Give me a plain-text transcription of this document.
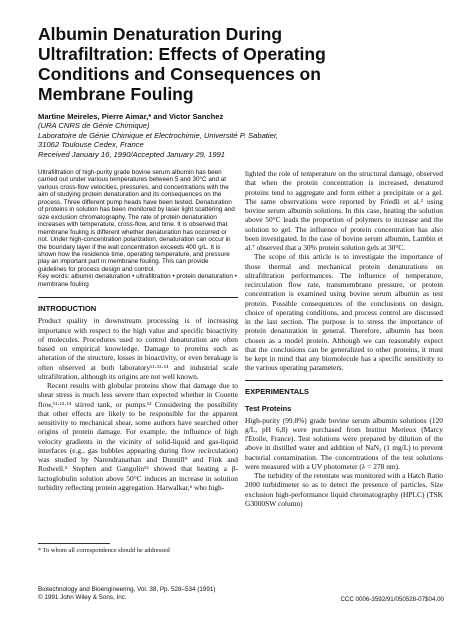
Albumin Denaturation During
Ultrafiltration: Effects of Operating
Conditions and Consequences on
Membrane Fouling
Martine Meireles, Pierre Aimar,* and Victor Sanchez
(URA CNRS de Génie Chimique)
Laboratoire de Génie Chimique et Electrochimie, Université P. Sabatier,
31062 Toulouse Cedex, France
Received January 16, 1990/Accepted January 29, 1991

Ultrafiltration of high-purity grade bovine serum albumin has been carried out under various temperatures between 5 and 30°C and at various cross-flow velocities, pressures, and concentrations with the aim of studying protein denaturation and its consequences on the process. Three different pump heads have been tested. Denaturation of proteins in solution has been monitored by laser light scattering and size exclusion chromatography. The rate of protein denaturation increases with temperature, cross-flow, and time. It is observed that membrane fouling is different whether denaturation has occurred or not. Under high-concentration polarization, denaturation can occur in the boundary layer if the wall concentration exceeds 400 g/L. It is shown how the residence time, operating temperature, and pressure play an important part in membrane fouling. This can provide guidelines for process design and control.

Key words: albumin denaturation • ultrafiltration • protein denaturation • membrane fouling

INTRODUCTION

Product quality in downstream processing is of increasing importance with respect to the high value and specific bioactivity of molecules. Procedures used to control denaturation are often based on empirical knowledge. Damage to proteins such as alteration of the structure, losses in bioactivity, or even breakage is often observed at both laboratory¹¹·¹³·¹⁴ and industrial scale ultrafiltration, although its origins are not well known.

Recent results with globular proteins show that damage due to shear stress is much less severe than expected whether in Couette flow,¹¹·¹³·¹⁴ stirred tank, or pumps.¹³ Considering the possibility that other effects are likely to be responsible for the apparent sensitivity to mechanical shear, some authors have searched other origins of protein damage. For example, the influence of high velocity gradients in the vicinity of solid-liquid and gas-liquid interfaces (e.g., gas bubbles appearing during flow recirculation) was studied by Narendranathan and Dunnill⁹ and Fink and Rodwell.⁵ Stephen and Gangulin¹⁵ showed that heating a β-lactoglobulin solution above 50°C induces an increase in solution turbidity reflecting protein aggregation. Harwalkar,⁶ who high-

lighted the role of temperature on the structural damage, observed that when the protein concentration is increased, denatured proteins tend to aggregate and form either a precipitate or a gel. The same observations were reported by Friedli et al.² using bovine serum albumin solutions. In this case, heating the solution above 50°C leads the proportion of polymers to increase and the solution to gel. The influence of protein concentration has also been investigated. In the case of bovine serum albumin, Lambin et al.⁷ observed that a 30% protein solution gels at 30°C.

The scope of this article is to investigate the importance of those thermal and mechanical protein denaturations on ultrafiltration performances. The influence of temperature, recirculation flow rate, transmembrane pressure, or protein concentration is examined using bovine serum albumin as test protein. Possible consequences of the conclusions on design, choice of operating conditions, and process control are discussed in the last section. The purpose is to stress the importance of protein denaturation in general. Therefore, albumin has been chosen as a model protein. Although we can reasonably expect that the conclusions can be generalized to other proteins, it must be kept in mind that any biomolecule has a specific sensitivity to the various operating parameters.

EXPERIMENTALS
Test Proteins

High-purity (99.8%) grade bovine serum albumin solutions (120 g/L, pH 6,8) were purchased from Institut Merieux (Marcy l'Etoile, France). Test solutions were prepared by dilution of the above in distilled water and addition of NaN₃ (1 mg/L) to prevent bacterial contamination. The concentrations of the test solutions were measured with a UV photometer (λ = 278 nm).

The turbidity of the retentate was monitored with a Hatch Ratio 2000 turbidimeter so as to detect the presence of particles. Size exclusion high-performance liquid chromatography (HPLC) (TSK G3000SW column)

* To whom all correspondence should be addressed
Biotechnology and Bioengineering, Vol. 38, Pp. 528–534 (1991)
© 1991 John Wiley & Sons, Inc.	CCC 0006-3592/91/050528-07$04.00
